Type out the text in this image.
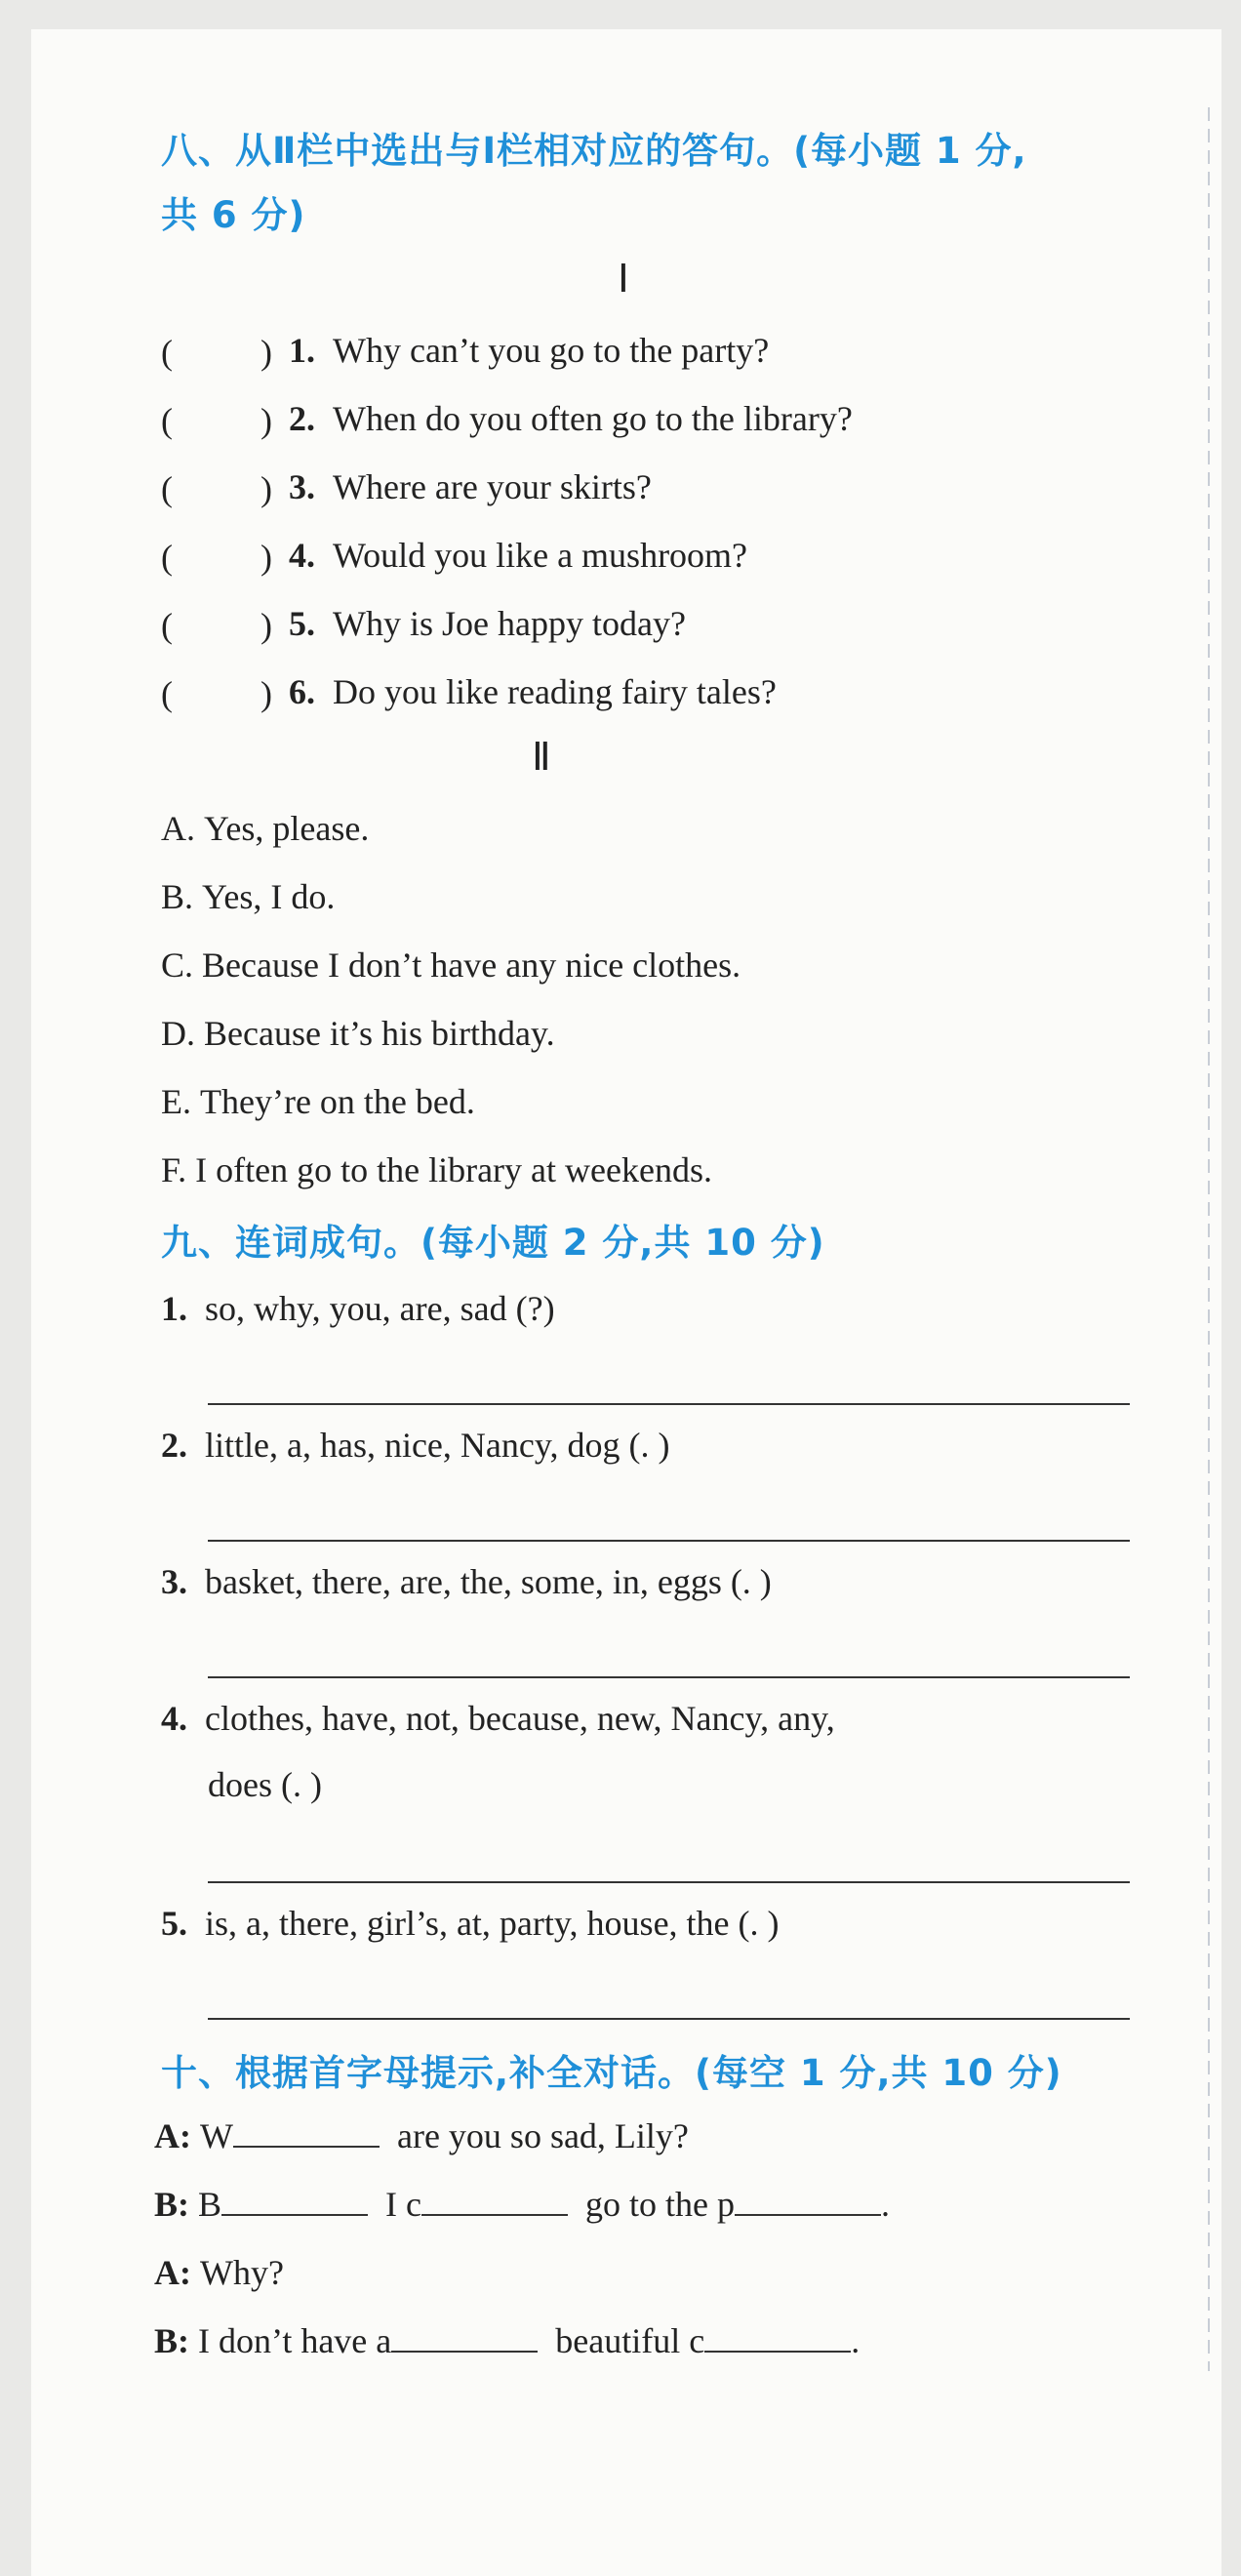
八、从Ⅱ栏中选出与Ⅰ栏相对应的答句。(每小题 1 分,
共 6 分)
Ⅰ
(          ) 1. Why can’t you go to the party?
(          ) 2. When do you often go to the library?
(          ) 3. Where are your skirts?
(          ) 4. Would you like a mushroom?
(          ) 5. Why is Joe happy today?
(          ) 6. Do you like reading fairy tales?
Ⅱ
A. Yes, please.
B. Yes, I do.
C. Because I don’t have any nice clothes.
D. Because it’s his birthday.
E. They’re on the bed.
F. I often go to the library at weekends.
九、连词成句。(每小题 2 分,共 10 分)
1. so, why, you, are, sad (?)
2. little, a, has, nice, Nancy, dog (. )
3. basket, there, are, the, some, in, eggs (. )
4. clothes, have, not, because, new, Nancy, any,
does (. )
5. is, a, there, girl’s, at, party, house, the (. )
十、根据首字母提示,补全对话。(每空 1 分,共 10 分)
A: W	are you so sad, Lily?
B: B	I c	go to the p	.
A: Why?
B: I don’t have a	beautiful c	.
